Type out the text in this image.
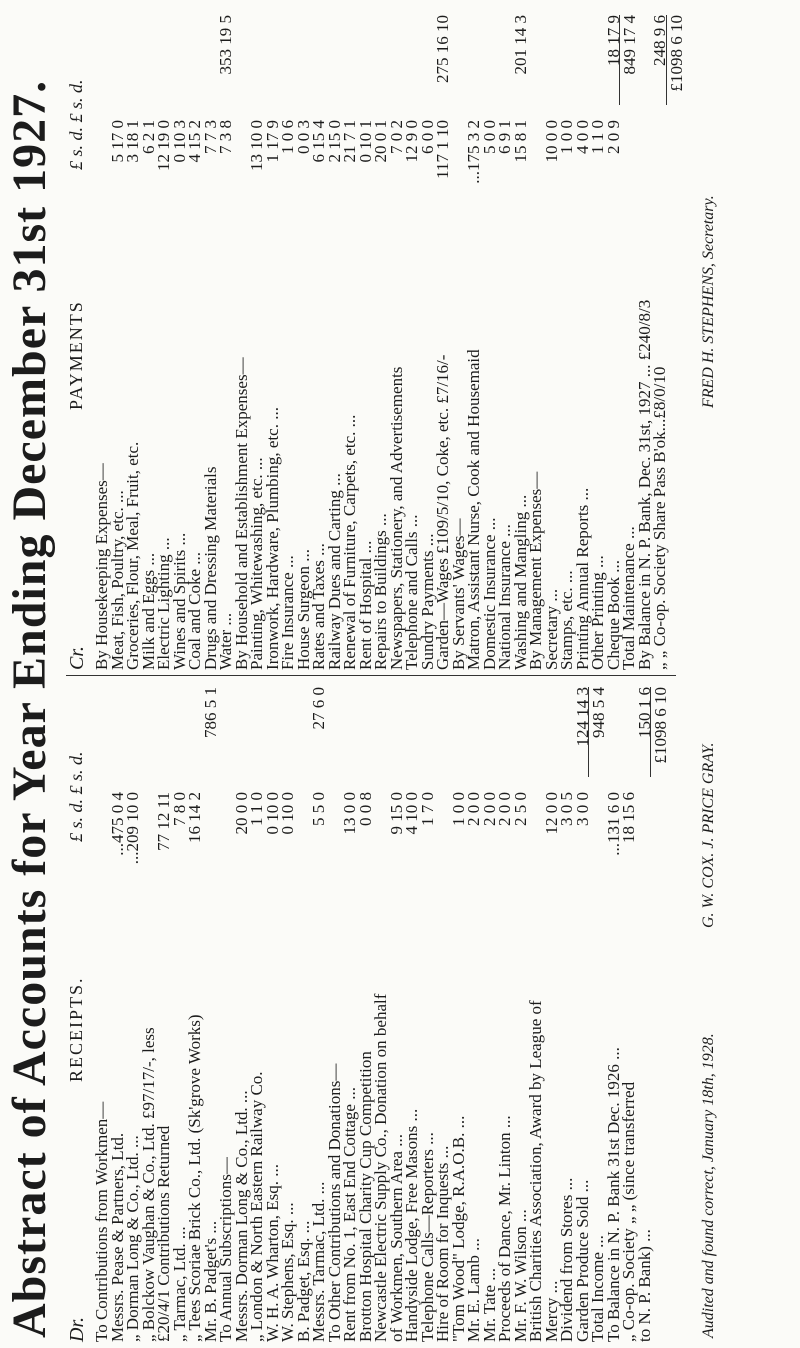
Abstract of Accounts for Year Ending December 31st 1927. Dr.
RECEIPTS.
£ s. d. £ s. d.
To Contributions from Workmen—
Messrs. Pease & Partners, Ltd.
...475 0 4
„ Dorman Long & Co., Ltd. ...
...209 10 0
„ Bolckow Vaughan & Co., Ltd. £97/17/-, less
£20/4/1 Contributions Returned
77 12 11
„ Tarmac, Ltd. ...
7 8 0
„ Tees Scoriae Brick Co., Ltd. (Sk'grove Works)
16 14 2
Mr. B. Padget's ...
786 5 1
To Annual Subscriptions—
Messrs. Dorman Long & Co., Ltd. ...
20 0 0
„ London & North Eastern Railway Co.
1 1 0
W. H. A. Wharton, Esq. ...
0 10 0
W. Stephens, Esq. ...
0 10 0
B. Padget, Esq. ...
Messrs. Tarmac, Ltd. ...
5 5 0
27 6 0
To Other Contributions and Donations—
Rent from No. 1, East End Cottage ...
13 0 0
Brotton Hospital Charity Cup Competition
0 0 8
Newcastle Electric Supply Co., Donation on behalf
of Workmen, Southern Area ...
9 15 0
Handyside Lodge, Free Masons ...
4 10 0
Telephone Calls—Reporters ...
1 7 0
Hire of Room for Inquests ...
"Tom Wood" Lodge, R.A.O.B. ...
1 0 0
Mr. E. Lamb ...
2 0 0
Mr. Tate ...
2 0 0
Proceeds of Dance, Mr. Linton ...
2 0 0
Mr. F. W. Wilson ...
2 5 0
British Charities Association, Award by League of
Mercy ...
12 0 0
Dividend from Stores ...
3 0 5
Garden Produce Sold ...
3 0 0
124 14 3
Total Income ...
948 5 4
To Balance in N. P. Bank 31st Dec. 1926 ...
...131 6 0
„ Co-op. Society „ „ (since transferred
18 15 6
to N. P. Bank) ...
150 1 6
£1098 6 10
Cr.
PAYMENTS
£ s. d. £ s. d.
By Housekeeping Expenses—
Meat, Fish, Poultry, etc. ...
5 17 0
Groceries, Flour, Meal, Fruit, etc.
3 18 1
Milk and Eggs ...
6 2 1
Electric Lighting ...
12 19 0
Wines and Spirits ...
0 10 3
Coal and Coke ...
4 15 2
Drugs and Dressing Materials
7 7 3
Water ...
7 3 8
353 19 5
By Household and Establishment Expenses—
Painting, Whitewashing, etc. ...
13 10 0
Ironwork, Hardware, Plumbing, etc. ...
1 17 9
Fire Insurance ...
1 0 6
House Surgeon ...
0 0 3
Rates and Taxes ...
6 15 4
Railway Dues and Carting ...
2 15 0
Renewal of Furniture, Carpets, etc. ...
21 7 1
Rent of Hospital ...
0 10 1
Repairs to Buildings ...
20 0 1
Newspapers, Stationery, and Advertisements
7 0 2
Telephone and Calls ...
12 9 0
Sundry Payments ...
6 0 0
Garden—Wages £109/5/10, Coke, etc. £7/16/-
117 1 10
275 16 10
By Servants' Wages—
Matron, Assistant Nurse, Cook and Housemaid
...175 3 2
Domestic Insurance ...
5 0 0
National Insurance ...
6 9 1
Washing and Mangling ...
15 8 1
201 14 3
By Management Expenses—
Secretary ...
10 0 0
Stamps, etc. ...
1 0 0
Printing Annual Reports ...
4 0 0
Other Printing ...
1 1 0
Cheque Book ...
2 0 9
18 17 9
Total Maintenance ...
849 17 4
By Balance in N. P. Bank, Dec. 31st, 1927 ... £240/8/3
„ „ Co-op. Society Share Pass B'ok...£8/0/10
248 9 6
£1098 6 10
Audited and found correct, January 18th, 1928.
G. W. COX. J. PRICE GRAY.
FRED H. STEPHENS, Secretary.
